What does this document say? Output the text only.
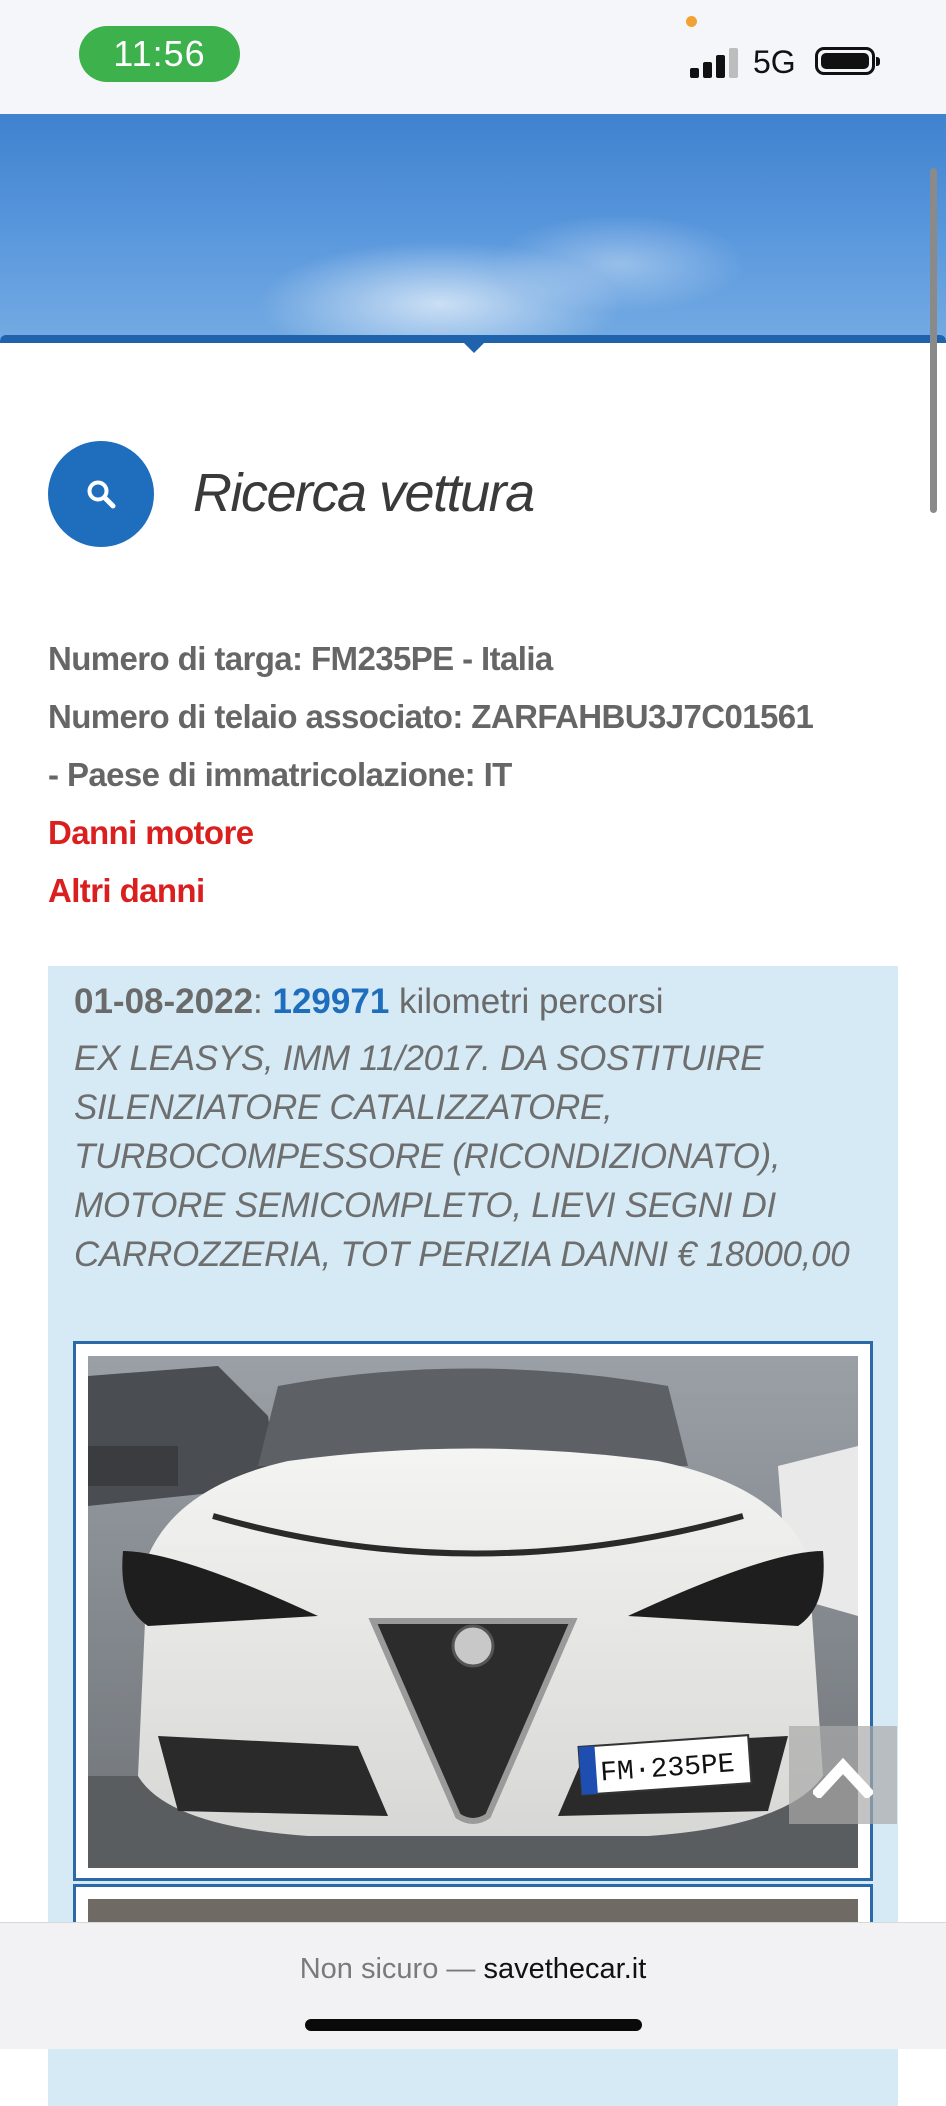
11:56	5G
Ricerca vettura
Numero di targa: FM235PE - Italia
Numero di telaio associato: ZARFAHBU3J7C01561
- Paese di immatricolazione: IT
Danni motore
Altri danni
01-08-2022: 129971 kilometri percorsi
EX LEASYS, IMM 11/2017. DA SOSTITUIRE SILENZIATORE CATALIZZATORE, TURBOCOMPESSORE (RICONDIZIONATO), MOTORE SEMICOMPLETO, LIEVI SEGNI DI CARROZZERIA, TOT PERIZIA DANNI € 18000,00
FM·235PE
Non sicuro — savethecar.it
